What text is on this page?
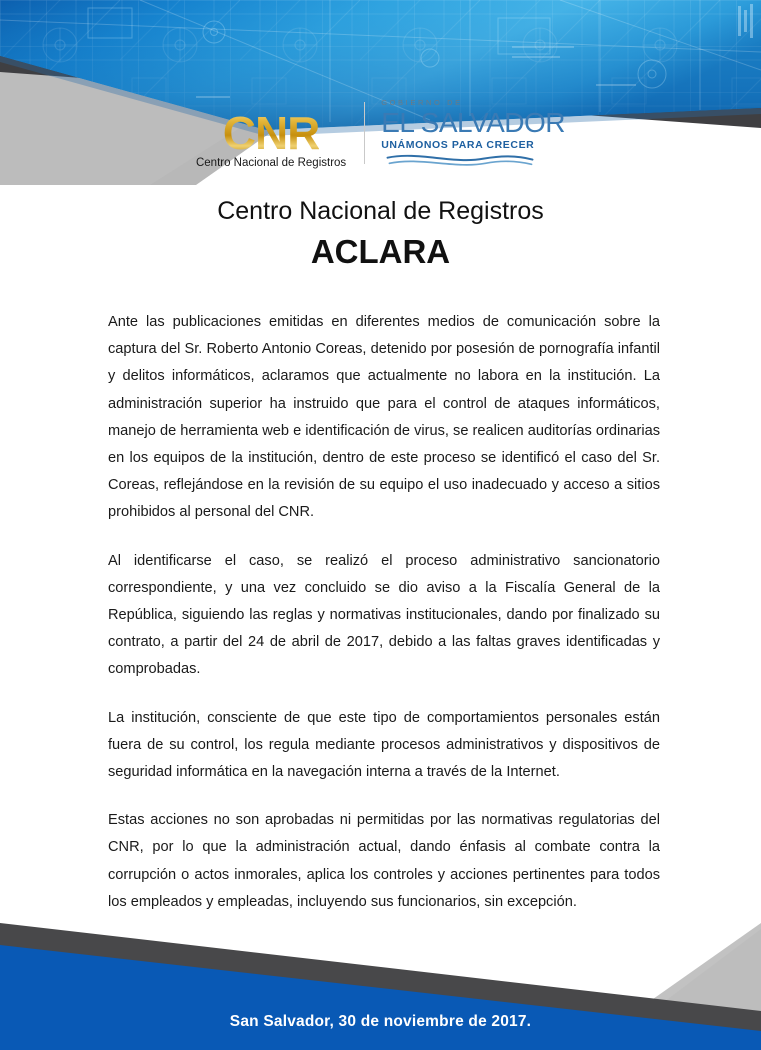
CNR
Centro Nacional de Registros
GOBIERNO DE
EL SALVADOR
UNÁMONOS PARA CRECER
Centro Nacional de Registros
ACLARA

Ante las publicaciones emitidas en diferentes medios de comunicación sobre la captura del Sr. Roberto Antonio Coreas, detenido por posesión de pornografía infantil y delitos informáticos, aclaramos que actualmente no labora en la institución. La administración superior ha instruido que para el control de ataques informáticos, manejo de herramienta web e identificación de virus, se realicen auditorías ordinarias en los equipos de la institución, dentro de este proceso se identificó el caso del Sr. Coreas, reflejándose en la revisión de su equipo el uso inadecuado y acceso a sitios prohibidos al personal del CNR.

Al identificarse el caso, se realizó el proceso administrativo sancionatorio correspondiente, y una vez concluido se dio aviso a la Fiscalía General de la República, siguiendo las reglas y normativas institucionales, dando por finalizado su contrato, a partir del 24 de abril de 2017, debido a las faltas graves identificadas y comprobadas.

La institución, consciente de que este tipo de comportamientos personales están fuera de su control, los regula mediante procesos administrativos y dispositivos de seguridad informática en la navegación interna a través de la Internet.

Estas acciones no son aprobadas ni permitidas por las normativas regulatorias del CNR, por lo que la administración actual, dando énfasis al combate contra la corrupción o actos inmorales, aplica los controles y acciones pertinentes para todos los empleados y empleadas, incluyendo sus funcionarios, sin excepción.

San Salvador, 30 de noviembre de 2017.
